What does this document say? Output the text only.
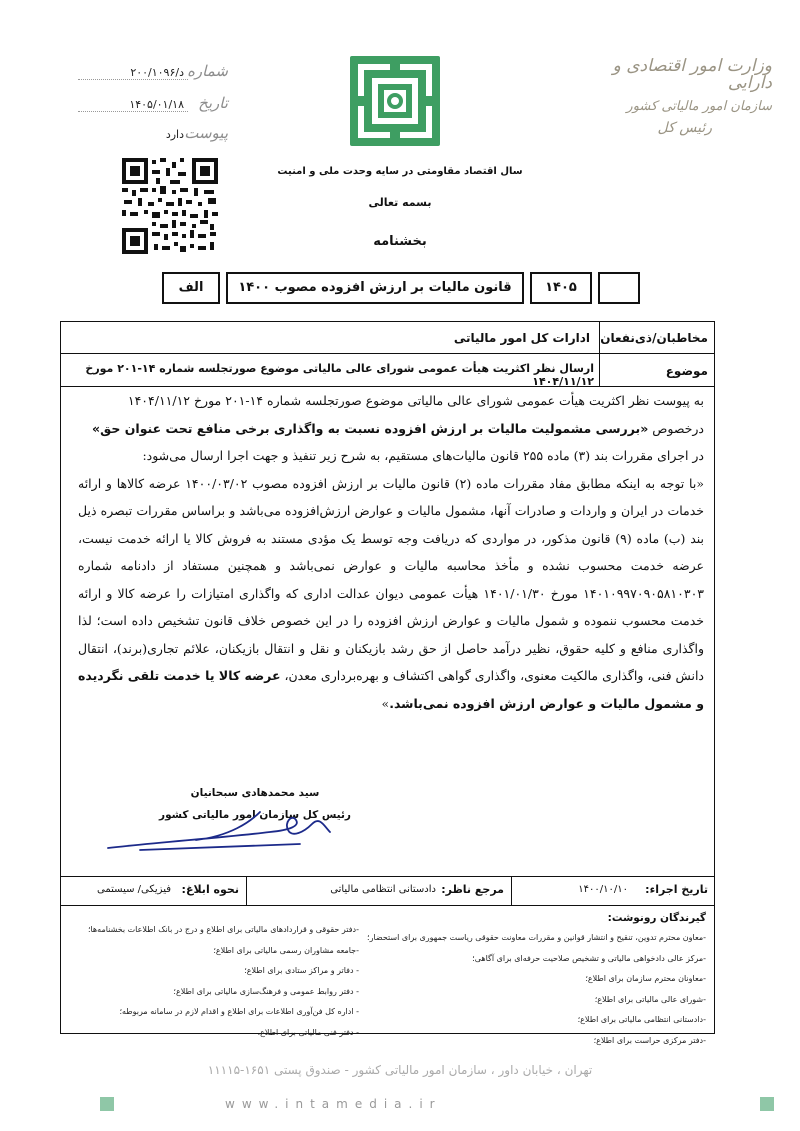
وزارت امور اقتصادی و دارایی
سازمان امور مالیاتی کشور
رئیس کل
شماره
د/۲۰۰/۱۰۹۶
تاریخ
۱۴۰۵/۰۱/۱۸
پیوست
دارد
سال اقتصاد مقاومتی در سایه وحدت ملی و امنیت
بسمه تعالی
بخشنامه
۱۴۰۵
قانون مالیات بر ارزش افزوده مصوب ۱۴۰۰
الف
مخاطبان/ذی‌نفعان
ادارات کل امور مالیاتی
موضوع
ارسال نظر اکثریت هیأت عمومی شورای عالی مالیاتی موضوع صورتجلسه شماره ۱۴-۲۰۱ مورخ ۱۴۰۴/۱۱/۱۲
تاریخ اجراء:
۱۴۰۰/۱۰/۱۰
مرجع ناظر:
دادستانی انتظامی مالیاتی
نحوه ابلاغ:
فیزیکی/ سیستمی
به پیوست نظر اکثریت هیأت عمومی شورای عالی مالیاتی موضوع صورتجلسه شماره ۱۴-۲۰۱ مورخ ۱۴۰۴/۱۱/۱۲
درخصوص «بررسی مشمولیت مالیات بر ارزش افزوده نسبت به واگذاری برخی منافع تحت عنوان حق»
در اجرای مقررات بند (۳) ماده ۲۵۵ قانون مالیات‌های مستقیم، به شرح زیر تنفیذ و جهت اجرا ارسال می‌شود:
«با توجه به اینکه مطابق مفاد مقررات ماده (۲) قانون مالیات بر ارزش افزوده مصوب ۱۴۰۰/۰۳/۰۲ عرضه کالاها و ارائه خدمات در ایران و واردات و صادرات آنها، مشمول مالیات و عوارض ارزش‌افزوده می‌باشد و براساس مقررات تبصره ذیل بند (ب) ماده (۹) قانون مذکور، در مواردی که دریافت وجه توسط یک مؤدی مستند به فروش کالا یا ارائه خدمت نیست، عرضه خدمت محسوب نشده و مأخذ محاسبه مالیات و عوارض نمی‌باشد و همچنین مستفاد از دادنامه شماره ۱۴۰۱۰۹۹۷۰۹۰۵۸۱۰۳۰۳ مورخ ۱۴۰۱/۰۱/۳۰ هیأت عمومی دیوان عدالت اداری که واگذاری امتیازات را عرضه کالا و ارائه خدمت محسوب ننموده و شمول مالیات و عوارض ارزش افزوده را در این خصوص خلاف قانون تشخیص داده است؛ لذا واگذاری منافع و کلیه حقوق، نظیر درآمد حاصل از حق رشد بازیکنان و نقل و انتقال بازیکنان، علائم تجاری(برند)، انتقال دانش فنی، واگذاری مالکیت معنوی، واگذاری گواهی اکتشاف و بهره‌برداری معدن، عرضه کالا یا خدمت تلقی نگردیده و مشمول مالیات و عوارض ارزش افزوده نمی‌باشد.»
سید محمدهادی سبحانیان
رئیس کل سازمان امور مالیاتی کشور
گیرندگان رونوشت:
-معاون محترم تدوین، تنقیح و انتشار قوانین و مقررات معاونت حقوقی ریاست جمهوری برای استحضار؛
-مرکز عالی دادخواهی مالیاتی و تشخیص صلاحیت حرفه‌ای برای آگاهی؛
-معاونان محترم سازمان برای اطلاع؛
-شورای عالی مالیاتی برای اطلاع؛
-دادستانی انتظامی مالیاتی برای اطلاع؛
-دفتر مرکزی حراست برای اطلاع؛
-دفتر حقوقی و قراردادهای مالیاتی برای اطلاع و درج در بانک اطلاعات بخشنامه‌ها؛
-جامعه مشاوران رسمی مالیاتی برای اطلاع؛
- دفاتر و مراکز ستادی برای اطلاع؛
- دفتر روابط عمومی و فرهنگ‌سازی مالیاتی برای اطلاع؛
- اداره کل فن‌آوری اطلاعات برای اطلاع و اقدام لازم در سامانه مربوطه؛
- دفتر فنی مالیاتی برای اطلاع.
تهران ، خیابان داور ، سازمان امور مالیاتی کشور - صندوق پستی ۱۶۵۱-۱۱۱۱۵
www.intamedia.ir
